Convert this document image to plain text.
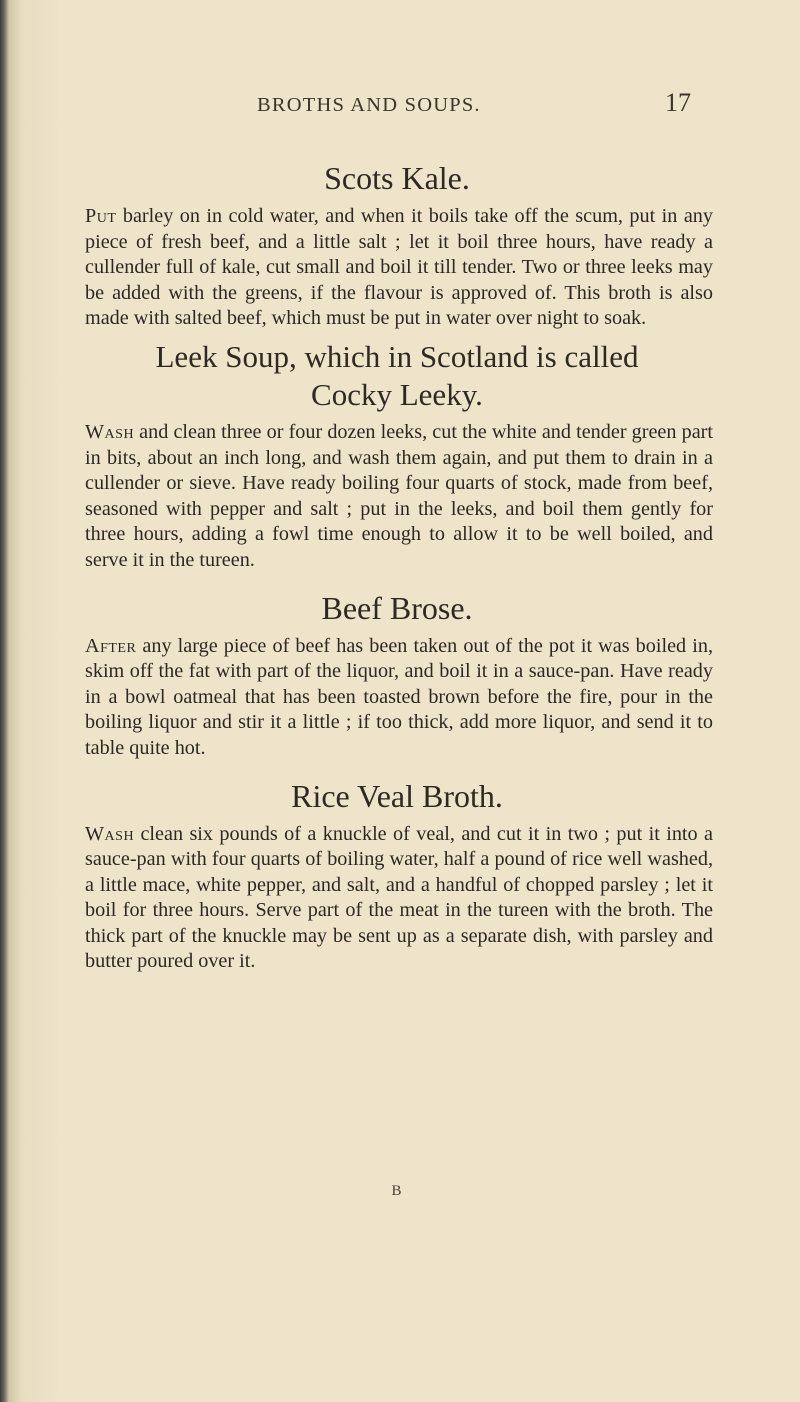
BROTHS AND SOUPS.	17
Scots Kale.

Put barley on in cold water, and when it boils take off the scum, put in any piece of fresh beef, and a little salt ; let it boil three hours, have ready a cullender full of kale, cut small and boil it till tender. Two or three leeks may be added with the greens, if the flavour is approved of. This broth is also made with salted beef, which must be put in water over night to soak.

Leek Soup, which in Scotland is called
Cocky Leeky.

Wash and clean three or four dozen leeks, cut the white and tender green part in bits, about an inch long, and wash them again, and put them to drain in a cullender or sieve. Have ready boiling four quarts of stock, made from beef, seasoned with pepper and salt ; put in the leeks, and boil them gently for three hours, adding a fowl time enough to allow it to be well boiled, and serve it in the tureen.

Beef Brose.

After any large piece of beef has been taken out of the pot it was boiled in, skim off the fat with part of the liquor, and boil it in a sauce-pan. Have ready in a bowl oatmeal that has been toasted brown before the fire, pour in the boiling liquor and stir it a little ; if too thick, add more liquor, and send it to table quite hot.

Rice Veal Broth.

Wash clean six pounds of a knuckle of veal, and cut it in two ; put it into a sauce-pan with four quarts of boiling water, half a pound of rice well washed, a little mace, white pepper, and salt, and a handful of chopped parsley ; let it boil for three hours. Serve part of the meat in the tureen with the broth. The thick part of the knuckle may be sent up as a separate dish, with parsley and butter poured over it.

B
